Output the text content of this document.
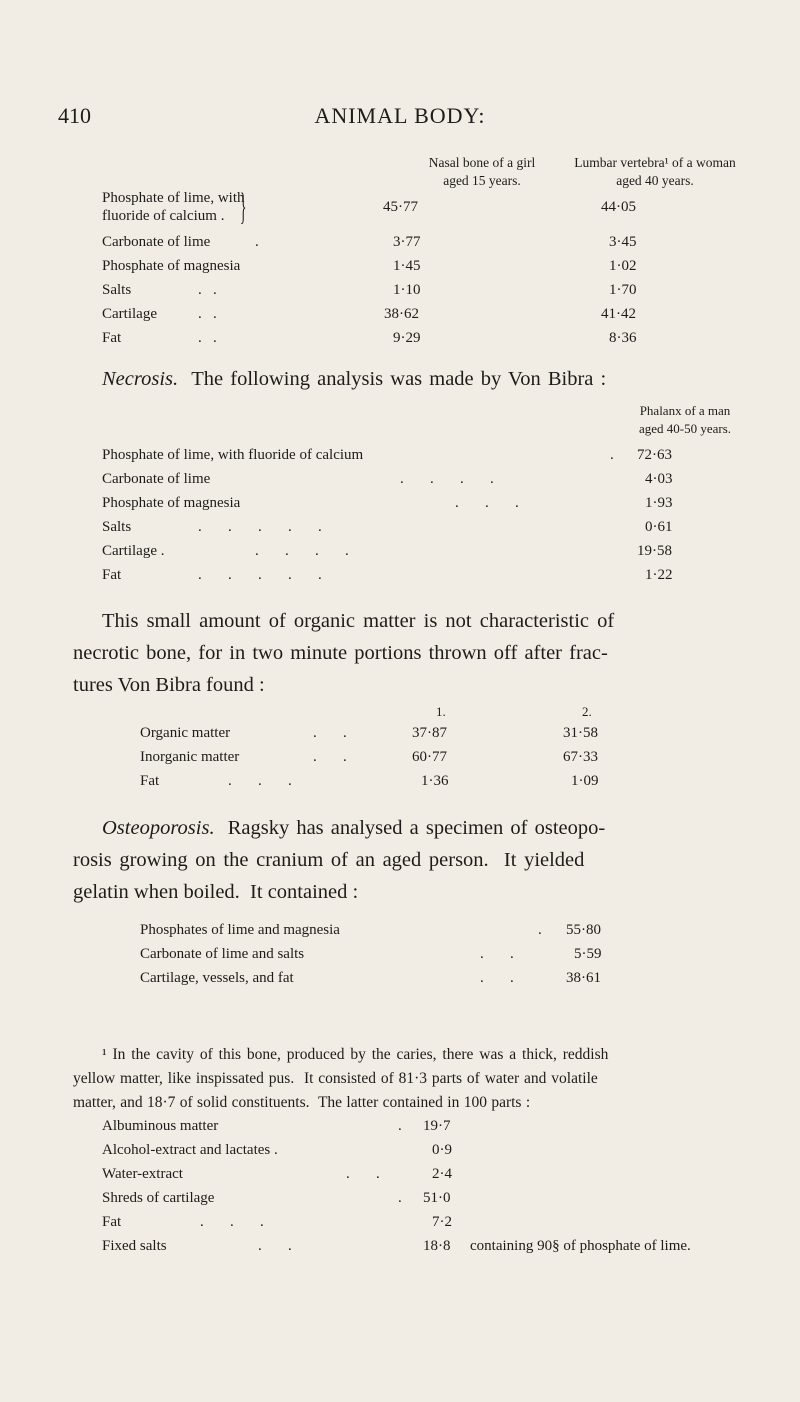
410	ANIMAL BODY:
Nasal bone of a girl
aged 15 years.
Lumbar vertebra¹ of a woman
aged 40 years.
Phosphate of lime, with
fluoride of calcium . }	45·77	44·05
Carbonate of lime	.	3·77	3·45
Phosphate of magnesia	1·45	1·02
Salts	.   .	1·10	1·70
Cartilage	.   .	38·62	41·42
Fat	.   .	9·29	8·36
Necrosis. The following analysis was made by Von Bibra :
Phalanx of a man
aged 40-50 years.
Phosphate of lime, with fluoride of calcium	. 72·63
Carbonate of lime	.       .       .       .	4·03
Phosphate of magnesia	.       .       .	1·93
Salts	.       .       .       .       .	0·61
Cartilage .	.       .       .       .	19·58
Fat	.       .       .       .       .	1·22
This small amount of organic matter is not characteristic of
necrotic bone, for in two minute portions thrown off after frac-
tures Von Bibra found :
1.	2.
Organic matter	.       .	37·87	31·58
Inorganic matter	.       .	60·77	67·33
Fat	.       .       .	1·36	1·09
Osteoporosis. Ragsky has analysed a specimen of osteopo-
rosis growing on the cranium of an aged person.  It yielded
gelatin when boiled.  It contained :
Phosphates of lime and magnesia	. 55·80
Carbonate of lime and salts	.       .	5·59
Cartilage, vessels, and fat	.       .	38·61
¹ In the cavity of this bone, produced by the caries, there was a thick, reddish
yellow matter, like inspissated pus.  It consisted of 81·3 parts of water and volatile
matter, and 18·7 of solid constituents.  The latter contained in 100 parts :
Albuminous matter	. 19·7
Alcohol-extract and lactates .	0·9
Water-extract	.       .	2·4
Shreds of cartilage	. 51·0
Fat	.       .       .	7·2
Fixed salts	.       .	18·8 containing 90§ of phosphate of lime.
